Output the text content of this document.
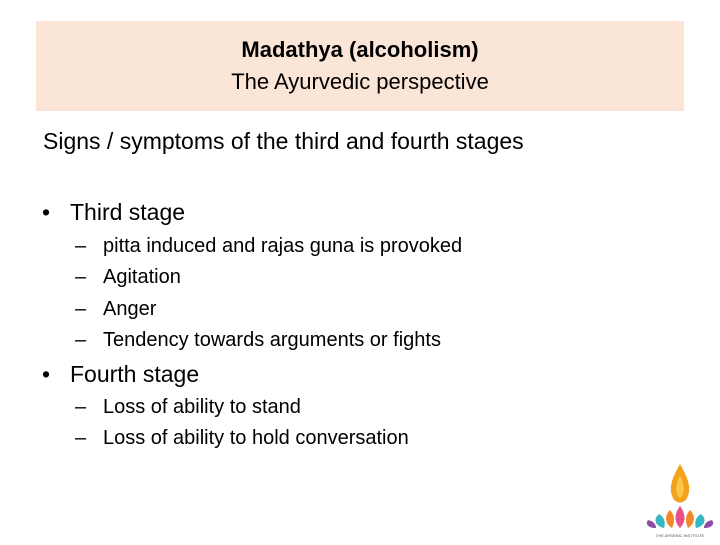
Madathya (alcoholism)
The Ayurvedic perspective
Signs / symptoms of the third and fourth stages
• Third stage
– pitta induced and rajas guna is provoked
– Agitation
– Anger
– Tendency towards arguments or fights
• Fourth stage
– Loss of ability to stand
– Loss of ability to hold conversation
THE ARSENIC INSTITUTE
